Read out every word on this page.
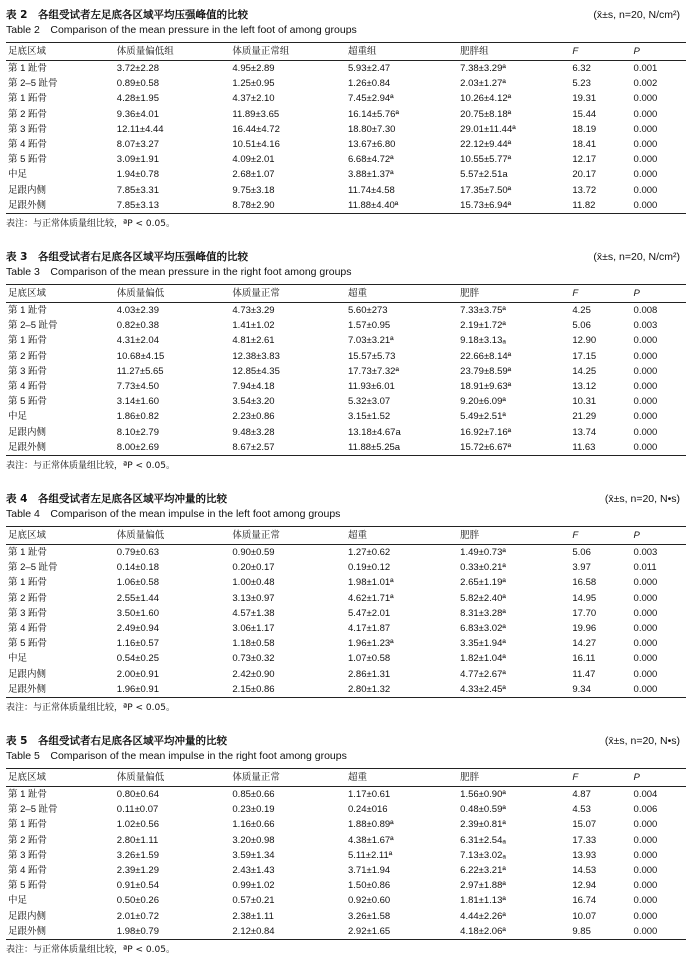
表 2　各组受试者左足底各区域平均压强峰值的比较	(x̄±s, n=20, N/cm²)
Table 2　Comparison of the mean pressure in the left foot of among groups
足底区域	体质量偏低组	体质量正常组	超重组	肥胖组	F	P
第 1 趾骨	3.72±2.28	4.95±2.89	5.93±2.47	7.38±3.29ª	6.32	0.001
第 2–5 趾骨	0.89±0.58	1.25±0.95	1.26±0.84	2.03±1.27ª	5.23	0.002
第 1 跖骨	4.28±1.95	4.37±2.10	7.45±2.94ª	10.26±4.12ª	19.31	0.000
第 2 跖骨	9.36±4.01	11.89±3.65	16.14±5.76ª	20.75±8.18ª	15.44	0.000
第 3 跖骨	12.11±4.44	16.44±4.72	18.80±7.30	29.01±11.44ª	18.19	0.000
第 4 跖骨	8.07±3.27	10.51±4.16	13.67±6.80	22.12±9.44ª	18.41	0.000
第 5 跖骨	3.09±1.91	4.09±2.01	6.68±4.72ª	10.55±5.77ª	12.17	0.000
中足	1.94±0.78	2.68±1.07	3.88±1.37ª	5.57±2.51a	20.17	0.000
足跟内侧	7.85±3.31	9.75±3.18	11.74±4.58	17.35±7.50ª	13.72	0.000
足跟外侧	7.85±3.13	8.78±2.90	11.88±4.40ª	15.73±6.94ª	11.82	0.000
表注：与正常体质量组比较，ªP < 0.05。
表 3　各组受试者右足底各区域平均压强峰值的比较	(x̄±s, n=20, N/cm²)
Table 3　Comparison of the mean pressure in the right foot among groups
足底区域	体质量偏低	体质量正常	超重	肥胖	F	P
第 1 趾骨	4.03±2.39	4.73±3.29	5.60±273	7.33±3.75ª	4.25	0.008
第 2–5 趾骨	0.82±0.38	1.41±1.02	1.57±0.95	2.19±1.72ª	5.06	0.003
第 1 跖骨	4.31±2.04	4.81±2.61	7.03±3.21ª	9.18±3.13ₐ	12.90	0.000
第 2 跖骨	10.68±4.15	12.38±3.83	15.57±5.73	22.66±8.14ª	17.15	0.000
第 3 跖骨	11.27±5.65	12.85±4.35	17.73±7.32ª	23.79±8.59ª	14.25	0.000
第 4 跖骨	7.73±4.50	7.94±4.18	11.93±6.01	18.91±9.63ª	13.12	0.000
第 5 跖骨	3.14±1.60	3.54±3.20	5.32±3.07	9.20±6.09ª	10.31	0.000
中足	1.86±0.82	2.23±0.86	3.15±1.52	5.49±2.51ª	21.29	0.000
足跟内侧	8.10±2.79	9.48±3.28	13.18±4.67a	16.92±7.16ª	13.74	0.000
足跟外侧	8.00±2.69	8.67±2.57	11.88±5.25a	15.72±6.67ª	11.63	0.000
表注：与正常体质量组比较，ªP < 0.05。
表 4　各组受试者左足底各区域平均冲量的比较	(x̄±s, n=20, N•s)
Table 4　Comparison of the mean impulse in the left foot among groups
足底区域	体质量偏低	体质量正常	超重	肥胖	F	P
第 1 趾骨	0.79±0.63	0.90±0.59	1.27±0.62	1.49±0.73ª	5.06	0.003
第 2–5 趾骨	0.14±0.18	0.20±0.17	0.19±0.12	0.33±0.21ª	3.97	0.011
第 1 跖骨	1.06±0.58	1.00±0.48	1.98±1.01ª	2.65±1.19ª	16.58	0.000
第 2 跖骨	2.55±1.44	3.13±0.97	4.62±1.71ª	5.82±2.40ª	14.95	0.000
第 3 跖骨	3.50±1.60	4.57±1.38	5.47±2.01	8.31±3.28ª	17.70	0.000
第 4 跖骨	2.49±0.94	3.06±1.17	4.17±1.87	6.83±3.02ª	19.96	0.000
第 5 跖骨	1.16±0.57	1.18±0.58	1.96±1.23ª	3.35±1.94ª	14.27	0.000
中足	0.54±0.25	0.73±0.32	1.07±0.58	1.82±1.04ª	16.11	0.000
足跟内侧	2.00±0.91	2.42±0.90	2.86±1.31	4.77±2.67ª	11.47	0.000
足跟外侧	1.96±0.91	2.15±0.86	2.80±1.32	4.33±2.45ª	9.34	0.000
表注：与正常体质量组比较，ªP < 0.05。
表 5　各组受试者右足底各区域平均冲量的比较	(x̄±s, n=20, N•s)
Table 5　Comparison of the mean impulse in the right foot among groups
足底区域	体质量偏低	体质量正常	超重	肥胖	F	P
第 1 趾骨	0.80±0.64	0.85±0.66	1.17±0.61	1.56±0.90ª	4.87	0.004
第 2–5 趾骨	0.11±0.07	0.23±0.19	0.24±016	0.48±0.59ª	4.53	0.006
第 1 跖骨	1.02±0.56	1.16±0.66	1.88±0.89ª	2.39±0.81ª	15.07	0.000
第 2 跖骨	2.80±1.11	3.20±0.98	4.38±1.67ª	6.31±2.54ₐ	17.33	0.000
第 3 跖骨	3.26±1.59	3.59±1.34	5.11±2.11ª	7.13±3.02ₐ	13.93	0.000
第 4 跖骨	2.39±1.29	2.43±1.43	3.71±1.94	6.22±3.21ª	14.53	0.000
第 5 跖骨	0.91±0.54	0.99±1.02	1.50±0.86	2.97±1.88ª	12.94	0.000
中足	0.50±0.26	0.57±0.21	0.92±0.60	1.81±1.13ª	16.74	0.000
足跟内侧	2.01±0.72	2.38±1.11	3.26±1.58	4.44±2.26ª	10.07	0.000
足跟外侧	1.98±0.79	2.12±0.84	2.92±1.65	4.18±2.06ª	9.85	0.000
表注：与正常体质量组比较，ªP < 0.05。
